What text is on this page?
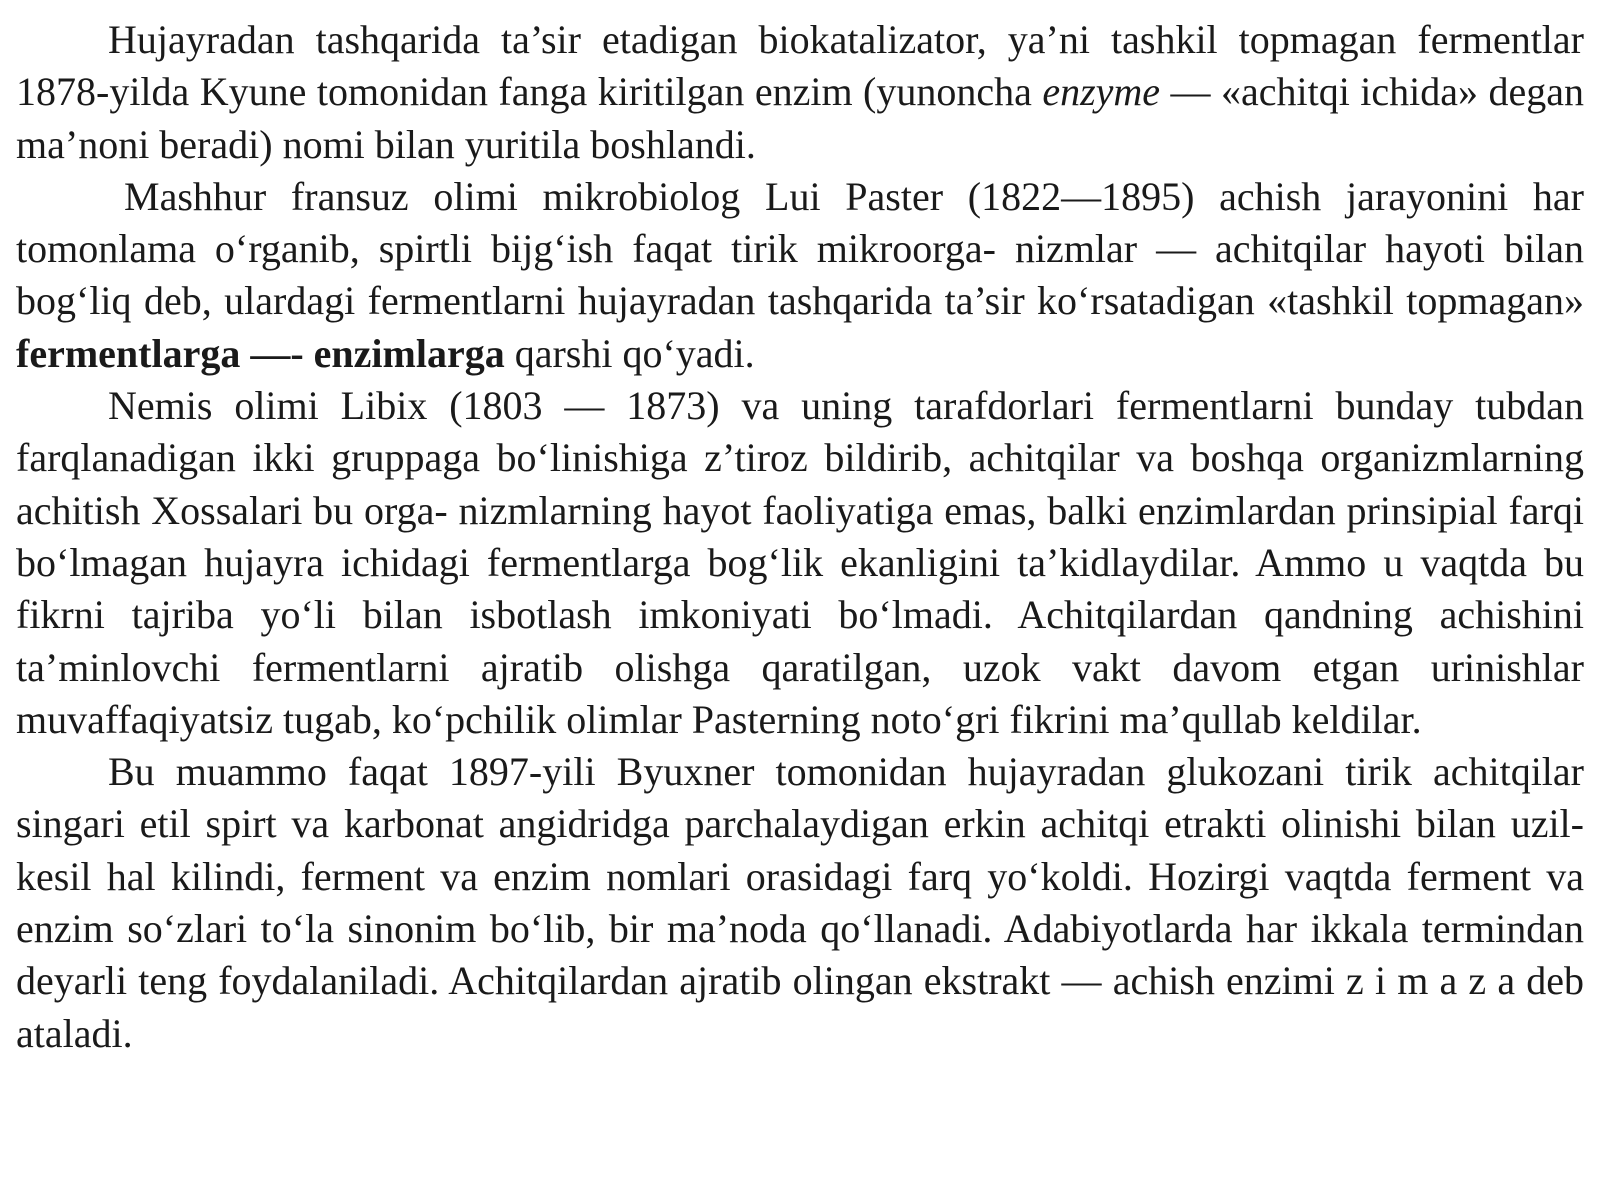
Hujayradan tashqarida ta’sir etadigan biokatalizator, ya’ni tashkil topmagan fermentlar 1878-yilda Kyune tomonidan fanga kiritilgan enzim (yunoncha enzyme — «achitqi ichida» degan ma’noni beradi) nomi bilan yuritila boshlandi.

Mashhur fransuz olimi mikrobiolog Lui Paster (1822—1895) achish jarayonini har tomonlama o‘rganib, spirtli bijg‘ish faqat tirik mikroorga- nizmlar — achitqilar hayoti bilan bog‘liq deb, ulardagi fermentlarni hujayradan tashqarida ta’sir ko‘rsatadigan «tashkil topmagan» fermentlarga —- enzimlarga qarshi qo‘yadi.

Nemis olimi Libix (1803 — 1873) va uning tarafdorlari fermentlarni bunday tubdan farqlanadigan ikki gruppaga bo‘linishiga z’tiroz bildirib, achitqilar va boshqa organizmlarning achitish Xossalari bu orga- nizmlarning hayot faoliyatiga emas, balki enzimlardan prinsipial farqi bo‘lmagan hujayra ichidagi fermentlarga bog‘lik ekanligini ta’kidlaydilar. Ammo u vaqtda bu fikrni tajriba yo‘li bilan isbotlash imkoniyati bo‘lmadi. Achitqilardan qandning achishini ta’minlovchi fermentlarni ajratib olishga qaratilgan, uzok vakt davom etgan urinishlar muvaffaqiyatsiz tugab, ko‘pchilik olimlar Pasterning noto‘gri fikrini ma’qullab keldilar.

Bu muammo faqat 1897-yili Byuxner tomonidan hujayradan glukozani tirik achitqilar singari etil spirt va karbonat angidridga parchalaydigan erkin achitqi etrakti olinishi bilan uzil-kesil hal kilindi, ferment va enzim nomlari orasidagi farq yo‘koldi. Hozirgi vaqtda ferment va enzim so‘zlari to‘la sinonim bo‘lib, bir ma’noda qo‘llanadi. Adabiyotlarda har ikkala termindan deyarli teng foydalaniladi. Achitqilardan ajratib olingan ekstrakt — achish enzimi z i m a z a deb ataladi.
